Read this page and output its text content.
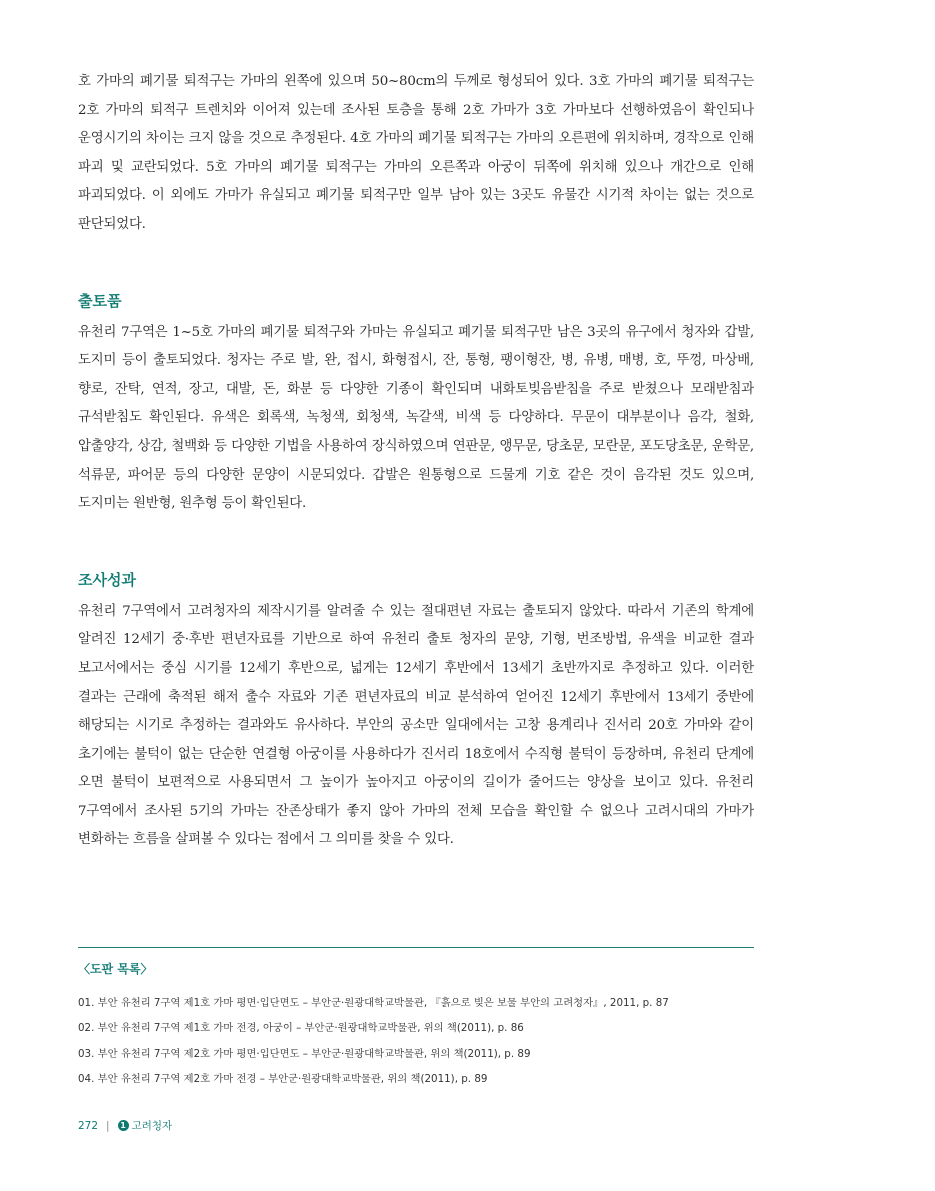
호 가마의 폐기물 퇴적구는 가마의 왼쪽에 있으며 50~80cm의 두께로 형성되어 있다. 3호 가마의 폐기물 퇴적구는 2호 가마의 퇴적구 트렌치와 이어져 있는데 조사된 토층을 통해 2호 가마가 3호 가마보다 선행하였음이 확인되나 운영시기의 차이는 크지 않을 것으로 추정된다. 4호 가마의 폐기물 퇴적구는 가마의 오른편에 위치하며, 경작으로 인해 파괴 및 교란되었다. 5호 가마의 폐기물 퇴적구는 가마의 오른쪽과 아궁이 뒤쪽에 위치해 있으나 개간으로 인해 파괴되었다. 이 외에도 가마가 유실되고 폐기물 퇴적구만 일부 남아 있는 3곳도 유물간 시기적 차이는 없는 것으로 판단되었다.

출토품

유천리 7구역은 1~5호 가마의 폐기물 퇴적구와 가마는 유실되고 폐기물 퇴적구만 남은 3곳의 유구에서 청자와 갑발, 도지미 등이 출토되었다. 청자는 주로 발, 완, 접시, 화형접시, 잔, 통형, 팽이형잔, 병, 유병, 매병, 호, 뚜껑, 마상배, 향로, 잔탁, 연적, 장고, 대발, 돈, 화분 등 다양한 기종이 확인되며 내화토빚음받침을 주로 받쳤으나 모래받침과 규석받침도 확인된다. 유색은 회록색, 녹청색, 회청색, 녹갈색, 비색 등 다양하다. 무문이 대부분이나 음각, 철화, 압출양각, 상감, 철백화 등 다양한 기법을 사용하여 장식하였으며 연판문, 앵무문, 당초문, 모란문, 포도당초문, 운학문, 석류문, 파어문 등의 다양한 문양이 시문되었다. 갑발은 원통형으로 드물게 기호 같은 것이 음각된 것도 있으며, 도지미는 원반형, 원추형 등이 확인된다.

조사성과

유천리 7구역에서 고려청자의 제작시기를 알려줄 수 있는 절대편년 자료는 출토되지 않았다. 따라서 기존의 학계에 알려진 12세기 중·후반 편년자료를 기반으로 하여 유천리 출토 청자의 문양, 기형, 번조방법, 유색을 비교한 결과 보고서에서는 중심 시기를 12세기 후반으로, 넓게는 12세기 후반에서 13세기 초반까지로 추정하고 있다. 이러한 결과는 근래에 축적된 해저 출수 자료와 기존 편년자료의 비교 분석하여 얻어진 12세기 후반에서 13세기 중반에 해당되는 시기로 추정하는 결과와도 유사하다. 부안의 공소만 일대에서는 고창 용계리나 진서리 20호 가마와 같이 초기에는 불턱이 없는 단순한 연결형 아궁이를 사용하다가 진서리 18호에서 수직형 불턱이 등장하며, 유천리 단계에 오면 불턱이 보편적으로 사용되면서 그 높이가 높아지고 아궁이의 길이가 줄어드는 양상을 보이고 있다. 유천리 7구역에서 조사된 5기의 가마는 잔존상태가 좋지 않아 가마의 전체 모습을 확인할 수 없으나 고려시대의 가마가 변화하는 흐름을 살펴볼 수 있다는 점에서 그 의미를 찾을 수 있다.

〈도판 목록〉

01. 부안 유천리 7구역 제1호 가마 평면·입단면도 – 부안군·원광대학교박물관, 『흙으로 빚은 보물 부안의 고려청자』, 2011, p. 87

02. 부안 유천리 7구역 제1호 가마 전경, 아궁이 – 부안군·원광대학교박물관, 위의 책(2011), p. 86

03. 부안 유천리 7구역 제2호 가마 평면·입단면도 – 부안군·원광대학교박물관, 위의 책(2011), p. 89

04. 부안 유천리 7구역 제2호 가마 전경 – 부안군·원광대학교박물관, 위의 책(2011), p. 89

272 |	1 고려청자
